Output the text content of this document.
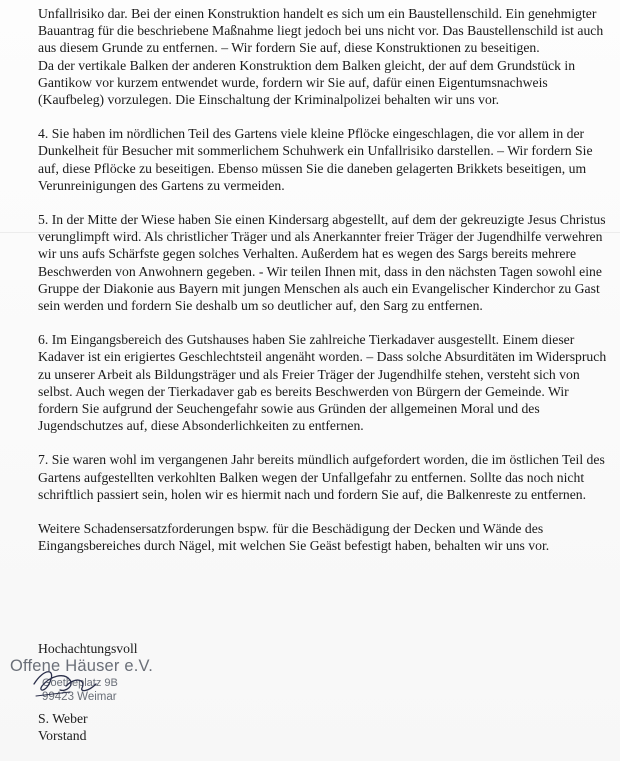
Unfallrisiko dar. Bei der einen Konstruktion handelt es sich um ein Baustellenschild. Ein genehmigter Bauantrag für die beschriebene Maßnahme liegt jedoch bei uns nicht vor. Das Baustellenschild ist auch aus diesem Grunde zu entfernen. – Wir fordern Sie auf, diese Konstruktionen zu beseitigen.
Da der vertikale Balken der anderen Konstruktion dem Balken gleicht, der auf dem Grundstück in Gantikow vor kurzem entwendet wurde, fordern wir Sie auf, dafür einen Eigentumsnachweis (Kaufbeleg) vorzulegen. Die Einschaltung der Kriminalpolizei behalten wir uns vor.

4. Sie haben im nördlichen Teil des Gartens viele kleine Pflöcke eingeschlagen, die vor allem in der Dunkelheit für Besucher mit sommerlichem Schuhwerk ein Unfallrisiko darstellen. – Wir fordern Sie auf, diese Pflöcke zu beseitigen. Ebenso müssen Sie die daneben gelagerten Brikkets beseitigen, um Verunreinigungen des Gartens zu vermeiden.

5. In der Mitte der Wiese haben Sie einen Kindersarg abgestellt, auf dem der gekreuzigte Jesus Christus verunglimpft wird. Als christlicher Träger und als Anerkannter freier Träger der Jugendhilfe verwehren wir uns aufs Schärfste gegen solches Verhalten. Außerdem hat es wegen des Sargs bereits mehrere Beschwerden von Anwohnern gegeben. - Wir teilen Ihnen mit, dass in den nächsten Tagen sowohl eine Gruppe der Diakonie aus Bayern mit jungen Menschen als auch ein Evangelischer Kinderchor zu Gast sein werden und fordern Sie deshalb um so deutlicher auf, den Sarg zu entfernen.

6. Im Eingangsbereich des Gutshauses haben Sie zahlreiche Tierkadaver ausgestellt. Einem dieser Kadaver ist ein erigiertes Geschlechtsteil angenäht worden. – Dass solche Absurditäten im Widerspruch zu unserer Arbeit als Bildungsträger und als Freier Träger der Jugendhilfe stehen, versteht sich von selbst. Auch wegen der Tierkadaver gab es bereits Beschwerden von Bürgern der Gemeinde. Wir fordern Sie aufgrund der Seuchengefahr sowie aus Gründen der allgemeinen Moral und des Jugendschutzes auf, diese Absonderlichkeiten zu entfernen.

7. Sie waren wohl im vergangenen Jahr bereits mündlich aufgefordert worden, die im östlichen Teil des Gartens aufgestellten verkohlten Balken wegen der Unfallgefahr zu entfernen. Sollte das noch nicht schriftlich passiert sein, holen wir es hiermit nach und fordern Sie auf, die Balkenreste zu entfernen.

Weitere Schadensersatzforderungen bspw. für die Beschädigung der Decken und Wände des Eingangsbereiches durch Nägel, mit welchen Sie Geäst befestigt haben, behalten wir uns vor.

Hochachtungsvoll
Offene Häuser e.V.
Goetheplatz 9B
99423 Weimar
S. Weber
Vorstand
